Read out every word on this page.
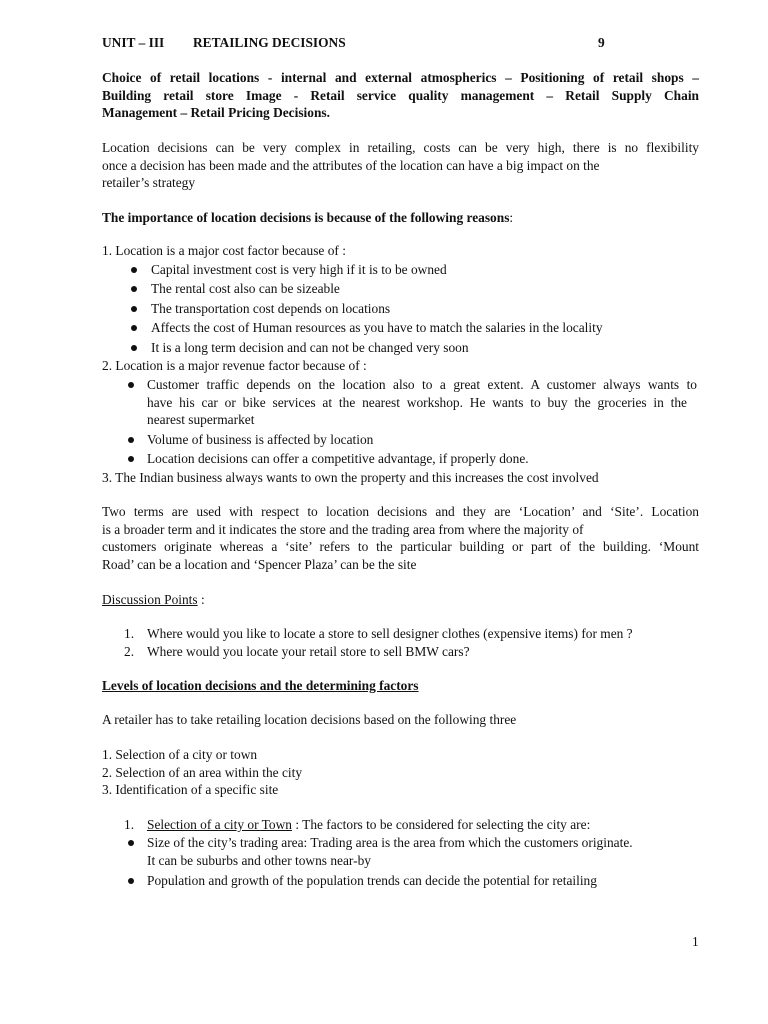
UNIT – III RETAILING DECISIONS	9
Choice of retail locations - internal and external atmospherics – Positioning of retail shops –
Building retail store Image - Retail service quality management – Retail Supply Chain
Management – Retail Pricing Decisions.
Location decisions can be very complex in retailing, costs can be very high, there is no flexibility
once a decision has been made and the attributes of the location can have a big impact on the
retailer’s strategy
The importance of location decisions is because of the following reasons:
1. Location is a major cost factor because of :
Capital investment cost is very high if it is to be owned
The rental cost also can be sizeable
The transportation cost depends on locations
Affects the cost of Human resources as you have to match the salaries in the locality
It is a long term decision and can not be changed very soon
2. Location is a major revenue factor because of :
Customer traffic depends on the location also to a great extent. A customer always wants to
have his car or bike services at the nearest workshop. He wants to buy the groceries in the
nearest supermarket
Volume of business is affected by location
Location decisions can offer a competitive advantage, if properly done.
3. The Indian business always wants to own the property and this increases the cost involved
Two terms are used with respect to location decisions and they are ‘Location’ and ‘Site’. Location
is a broader term and it indicates the store and the trading area from where the majority of
customers originate whereas a ‘site’ refers to the particular building or part of the building. ‘Mount
Road’ can be a location and ‘Spencer Plaza’ can be the site
Discussion Points :
1. Where would you like to locate a store to sell designer clothes (expensive items) for men ?
2. Where would you locate your retail store to sell BMW cars?
Levels of location decisions and the determining factors
A retailer has to take retailing location decisions based on the following three
1. Selection of a city or town
2. Selection of an area within the city
3. Identification of a specific site
1. Selection of a city or Town : The factors to be considered for selecting the city are:
Size of the city’s trading area: Trading area is the area from which the customers originate.
It can be suburbs and other towns near-by
Population and growth of the population trends can decide the potential for retailing
1
